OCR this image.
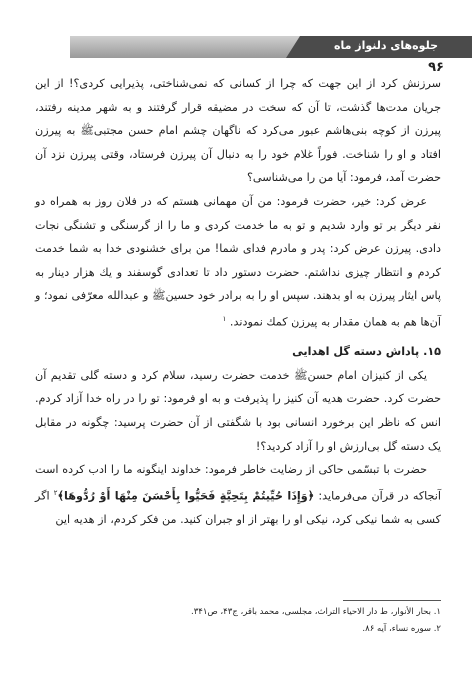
جلوه‌های دلنواز ماه
۹۶

سرزنش کرد از این جهت که چرا از کسانی که نمی‌شناختی، پذیرایی کردی؟! از این جریان مدت‌ها گذشت، تا آن که سخت در مضیقه قرار گرفتند و به شهر مدینه رفتند، پیرزن از کوچه بنی‌هاشم عبور می‌کرد که ناگهان چشم امام حسن مجتبی‌ﷺ به پیرزن افتاد و او را شناخت. فوراً غلام خود را به دنبال آن پیرزن فرستاد، وقتی پیرزن نزد آن حضرت آمد، فرمود: آیا من را می‌شناسی؟

عرض کرد: خیر، حضرت فرمود: من آن مهمانی هستم که در فلان روز به همراه دو نفر دیگر بر تو وارد شدیم و تو به ما خدمت کردی و ما را از گرسنگی و تشنگی نجات دادی. پیرزن عرض کرد: پدر و مادرم فدای شما! من برای خشنودی خدا به شما خدمت کردم و انتظار چیزی نداشتم. حضرت دستور داد تا تعدادی گوسفند و یك هزار دینار به پاس ایثار پیرزن به او بدهند. سپس او را به برادر خود حسین‌ﷺ و عبدالله معرّفی نمود؛ و آن‌ها هم به همان مقدار به پیرزن کمك نمودند. $^۱$

۱۵. پاداش دسته گل اهدایی

یکی از کنیزان امام حسن‌ﷺ خدمت حضرت رسید، سلام کرد و دسته گلی تقدیم آن حضرت کرد. حضرت هدیه آن کنیز را پذیرفت و به او فرمود: تو را در راه خدا آزاد کردم. انس که ناظر این برخورد انسانی بود با شگفتی از آن حضرت پرسید: چگونه در مقابل یک دسته گل بی‌ارزش او را آزاد کردید؟!

حضرت با تبسّمی حاکی از رضایت خاطر فرمود: خداوند اینگونه ما را ادب کرده است آنجاکه در قرآن می‌فرماید: ﴿وَإِذَا حُيِّيتُمْ بِتَحِيَّةٍ فَحَيُّوا بِأَحْسَنَ مِنْهَا أَوْ رُدُّوهَا﴾$^۲$ اگر کسی به شما نیکی کرد، نیکی او را بهتر از او جبران کنید. من فکر کردم، از هدیه این

۱. بحار الأنوار، ط دار الاحیاء التراث، مجلسی، محمد باقر، ج۴۳، ص۳۴۱.

۲. سوره نساء، آیه ۸۶.
